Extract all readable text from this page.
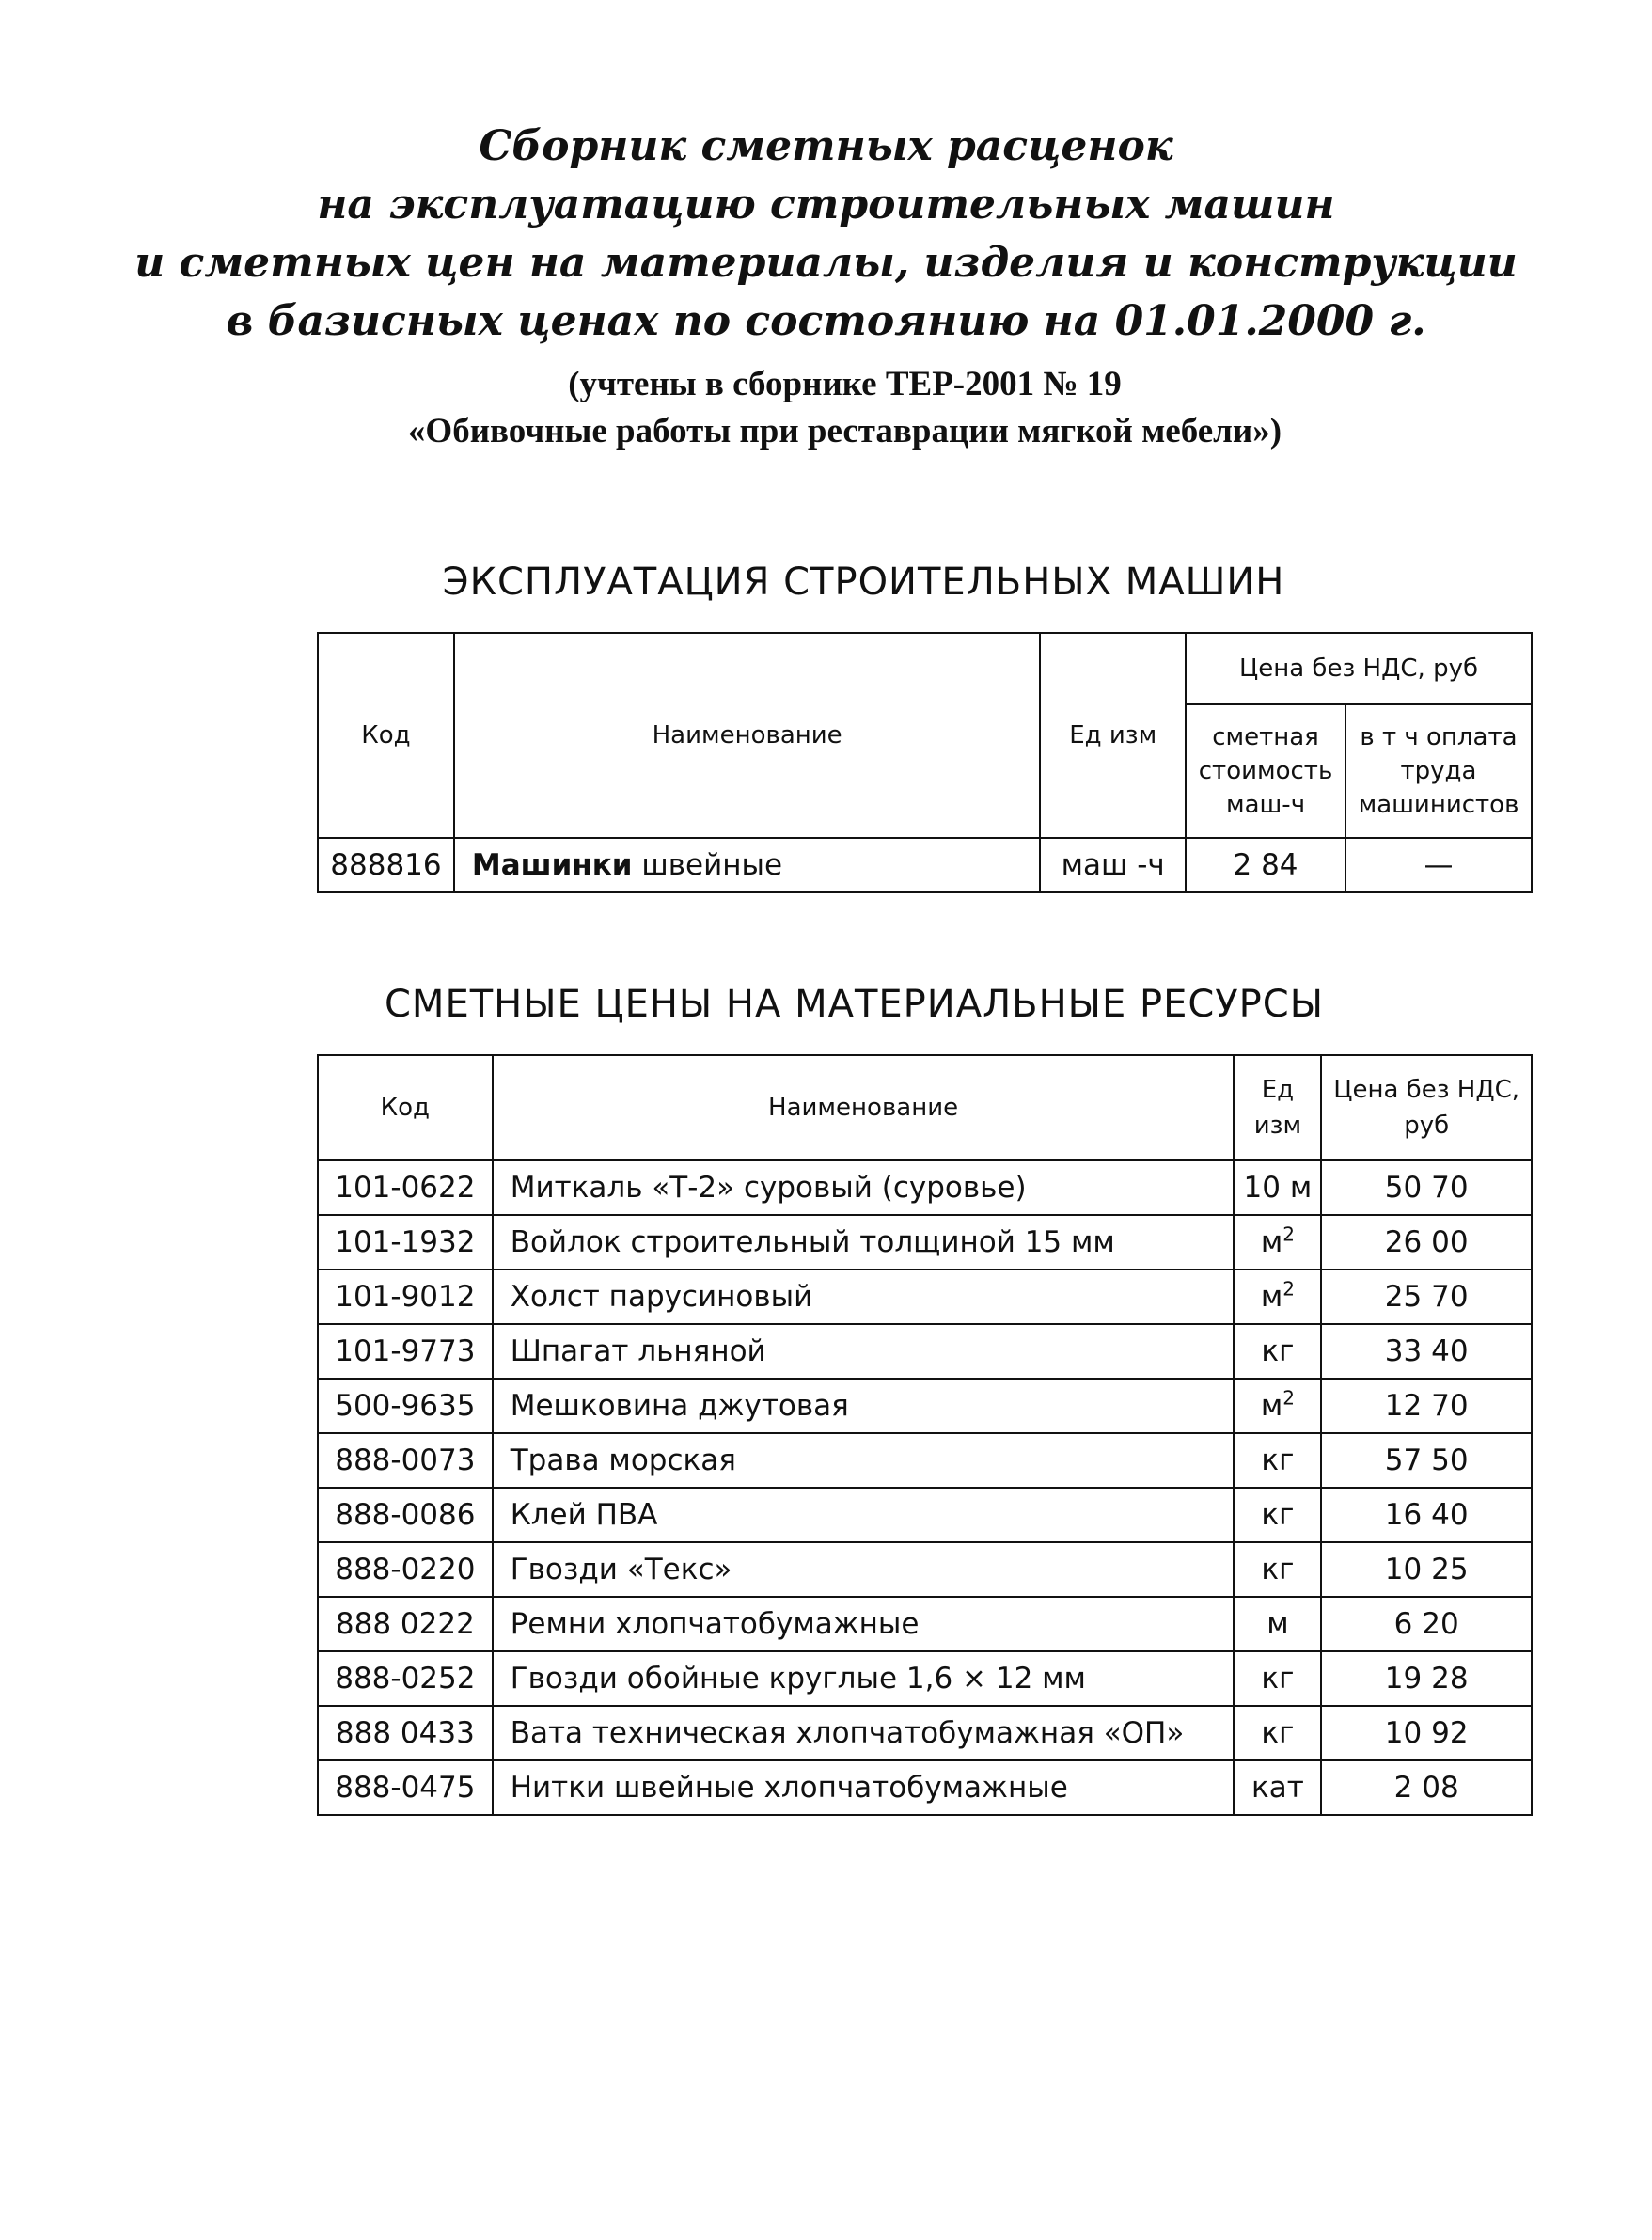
Сборник сметных расценок
на эксплуатацию строительных машин
и сметных цен на материалы, изделия и конструкции
в базисных ценах по состоянию на 01.01.2000 г.
(учтены в сборнике ТЕР-2001 № 19
«Обивочные работы при реставрации мягкой мебели»)
ЭКСПЛУАТАЦИЯ СТРОИТЕЛЬНЫХ МАШИН
Код	Наименование	Ед изм	Цена без НДС, руб	
			сметная стоимость маш-ч	в т ч оплата труда машинистов
888816	Машинки швейные	маш -ч	2 84	—
СМЕТНЫЕ ЦЕНЫ НА МАТЕРИАЛЬНЫЕ РЕСУРСЫ
Код	Наименование	Ед изм	Цена без НДС, руб
101-0622	Миткаль «Т-2» суровый (суровье)	10 м	50 70
101-1932	Войлок строительный толщиной 15 мм	$м^2$	26 00
101-9012	Холст парусиновый	$м^2$	25 70
101-9773	Шпагат льняной	кг	33 40
500-9635	Мешковина джутовая	$м^2$	12 70
888-0073	Трава морская	кг	57 50
888-0086	Клей ПВА	кг	16 40
888-0220	Гвозди «Текс»	кг	10 25
888 0222	Ремни хлопчатобумажные	м	6 20
888-0252	Гвозди обойные круглые 1,6 × 12 мм	кг	19 28
888 0433	Вата техническая хлопчатобумажная «ОП»	кг	10 92
888-0475	Нитки швейные хлопчатобумажные	кат	2 08
